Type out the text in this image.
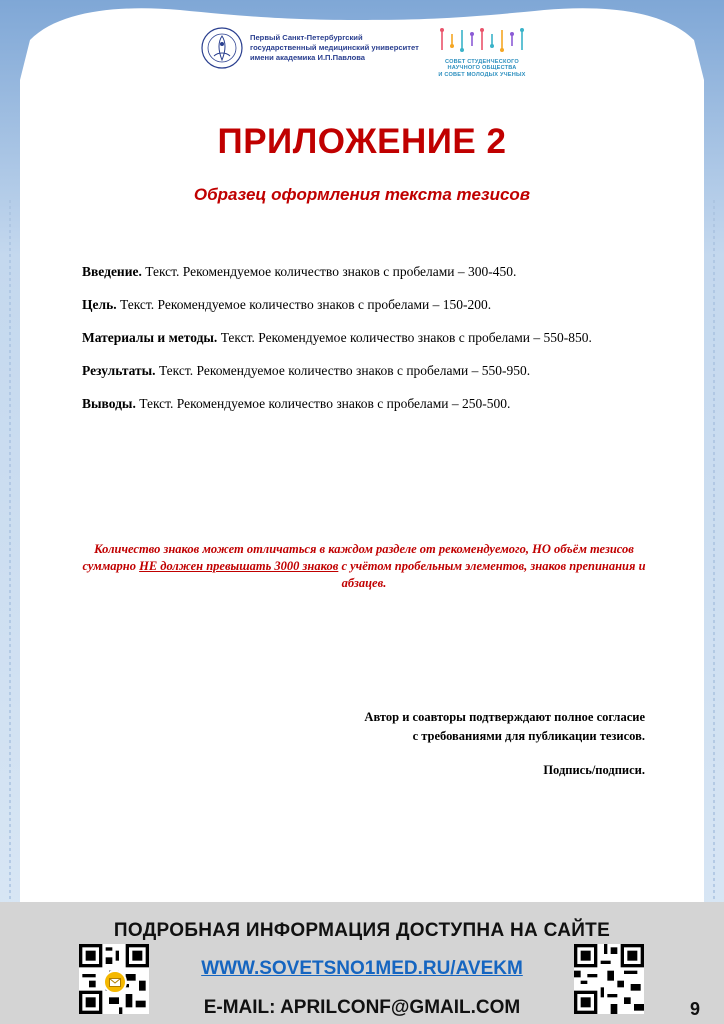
Первый Санкт-Петербургский
государственный медицинский университет
имени академика И.П.Павлова	СОВЕТ СТУДЕНЧЕСКОГО
НАУЧНОГО ОБЩЕСТВА
И СОВЕТ МОЛОДЫХ УЧЕНЫХ
ПРИЛОЖЕНИЕ 2
Образец оформления текста тезисов
Введение. Текст. Рекомендуемое количество знаков с пробелами – 300-450.
Цель. Текст. Рекомендуемое количество знаков с пробелами – 150-200.
Материалы и методы. Текст. Рекомендуемое количество знаков с пробелами – 550-850.
Результаты. Текст. Рекомендуемое количество знаков с пробелами – 550-950.
Выводы. Текст. Рекомендуемое количество знаков с пробелами – 250-500.
Количество знаков может отличаться в каждом разделе от рекомендуемого, НО объём тезисов суммарно НЕ должен превышать 3000 знаков с учётом пробельным элементов, знаков препинания и абзацев.
Автор и соавторы подтверждают полное согласие
с требованиями для публикации тезисов.
Подпись/подписи.
ПОДРОБНАЯ ИНФОРМАЦИЯ ДОСТУПНА НА САЙТЕ
WWW.SOVETSNO1MED.RU/AVEKM
E-MAIL: APRILCONF@GMAIL.COM	9
